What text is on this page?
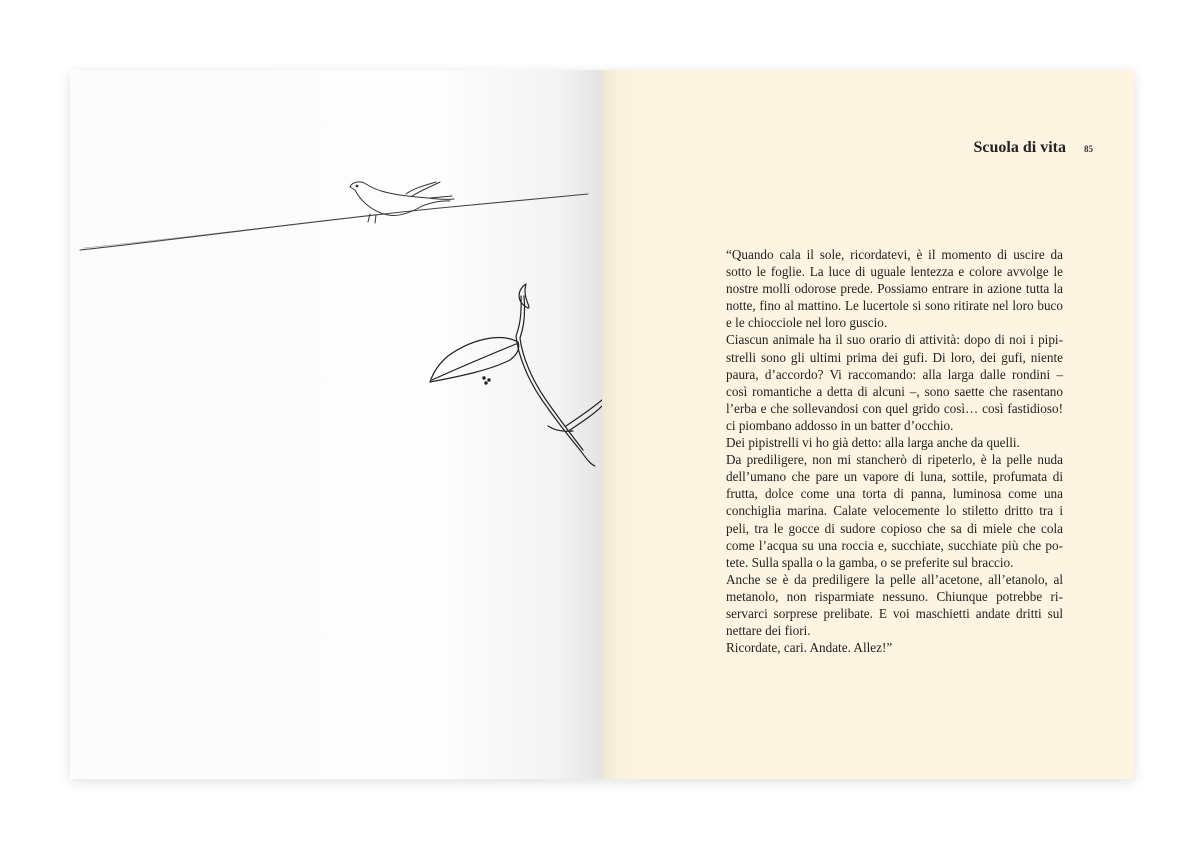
Scuola di vita 85

“Quando cala il sole, ricordatevi, è il momento di uscire da sotto le foglie. La luce di uguale lentezza e colore avvolge le nostre molli odorose prede. Possiamo entrare in azione tutta la notte, fino al mattino. Le lucertole si sono ritirate nel loro buco e le chiocciole nel loro guscio.

Ciascun animale ha il suo orario di attività: dopo di noi i pipistrelli sono gli ultimi prima dei gufi. Di loro, dei gufi, niente paura, d’accordo? Vi raccomando: alla larga dalle rondini – così romantiche a detta di alcuni –, sono saette che rasentano l’erba e che sollevandosi con quel grido così… così fastidioso! ci piombano addosso in un batter d’occhio.

Dei pipistrelli vi ho già detto: alla larga anche da quelli.

Da prediligere, non mi stancherò di ripeterlo, è la pelle nuda dell’umano che pare un vapore di luna, sottile, profumata di frutta, dolce come una torta di panna, luminosa come una conchiglia marina. Calate velocemente lo stiletto dritto tra i peli, tra le gocce di sudore copioso che sa di miele che cola come l’acqua su una roccia e, succhiate, succhiate più che potete. Sulla spalla o la gamba, o se preferite sul braccio.

Anche se è da prediligere la pelle all’acetone, all’etanolo, al metanolo, non risparmiate nessuno. Chiunque potrebbe riservarci sorprese prelibate. E voi maschietti andate dritti sul nettare dei fiori.

Ricordate, cari. Andate. Allez!”
